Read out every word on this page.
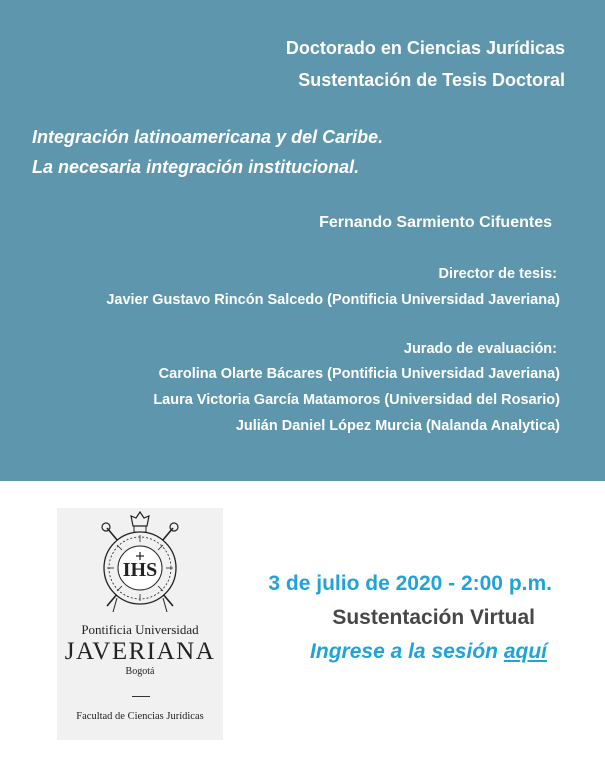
Doctorado en Ciencias Jurídicas
Sustentación de Tesis Doctoral
Integración latinoamericana y del Caribe.
La necesaria integración institucional.
Fernando Sarmiento Cifuentes
Director de tesis:
Javier Gustavo Rincón Salcedo (Pontificia Universidad Javeriana)
Jurado de evaluación:
Carolina Olarte Bácares (Pontificia Universidad Javeriana)
Laura Victoria García Matamoros (Universidad del Rosario)
Julián Daniel López Murcia (Nalanda Analytica)
IHS
Pontificia Universidad
JAVERIANA
Bogotá
Facultad de Ciencias Jurídicas
3 de julio de 2020 - 2:00 p.m.
Sustentación Virtual
Ingrese a la sesión aquí
